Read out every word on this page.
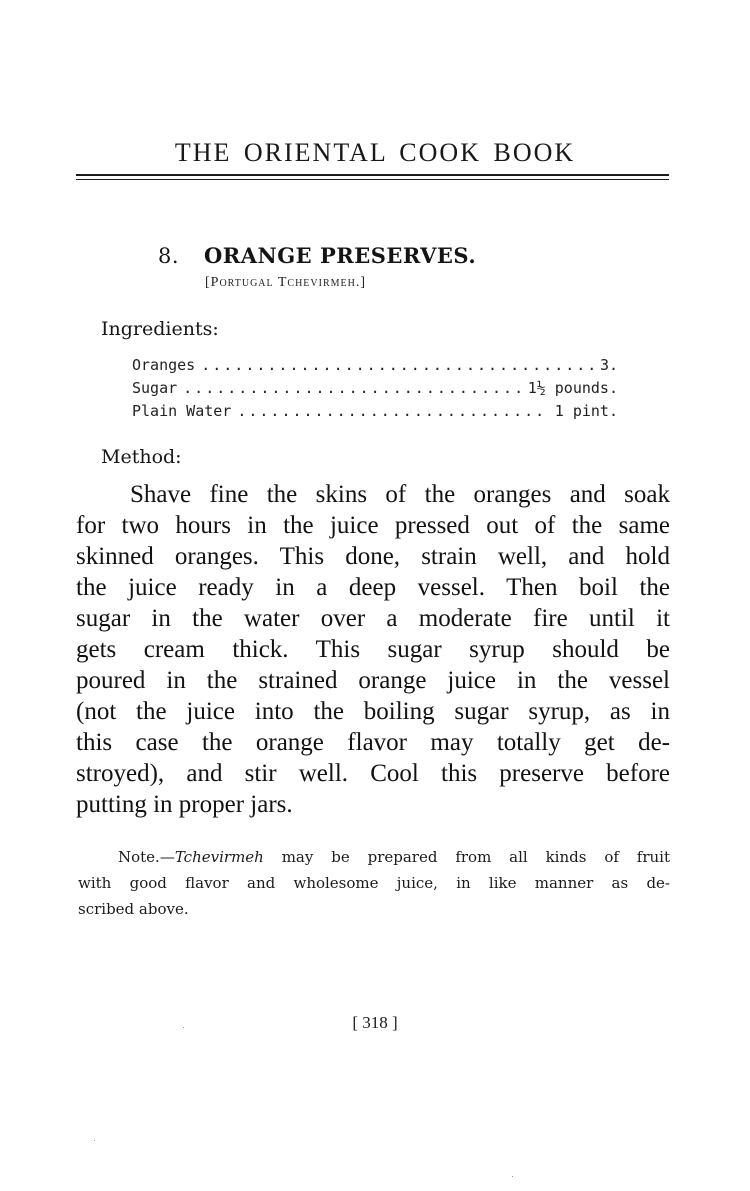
THE ORIENTAL COOK BOOK
8. ORANGE PRESERVES.
[Portugal Tchevirmeh.]
Ingredients:
Oranges .....	3.
Sugar .....	1½ pounds.
Plain Water .....	1 pint.
Method:
Shave fine the skins of the oranges and soak
for two hours in the juice pressed out of the same
skinned oranges. This done, strain well, and hold
the juice ready in a deep vessel. Then boil the
sugar in the water over a moderate fire until it
gets cream thick. This sugar syrup should be
poured in the strained orange juice in the vessel
(not the juice into the boiling sugar syrup, as in
this case the orange flavor may totally get de-
stroyed), and stir well. Cool this preserve before
putting in proper jars.
Note.—Tchevirmeh may be prepared from all kinds of fruit
with good flavor and wholesome juice, in like manner as de-
scribed above.
[ 318 ]
